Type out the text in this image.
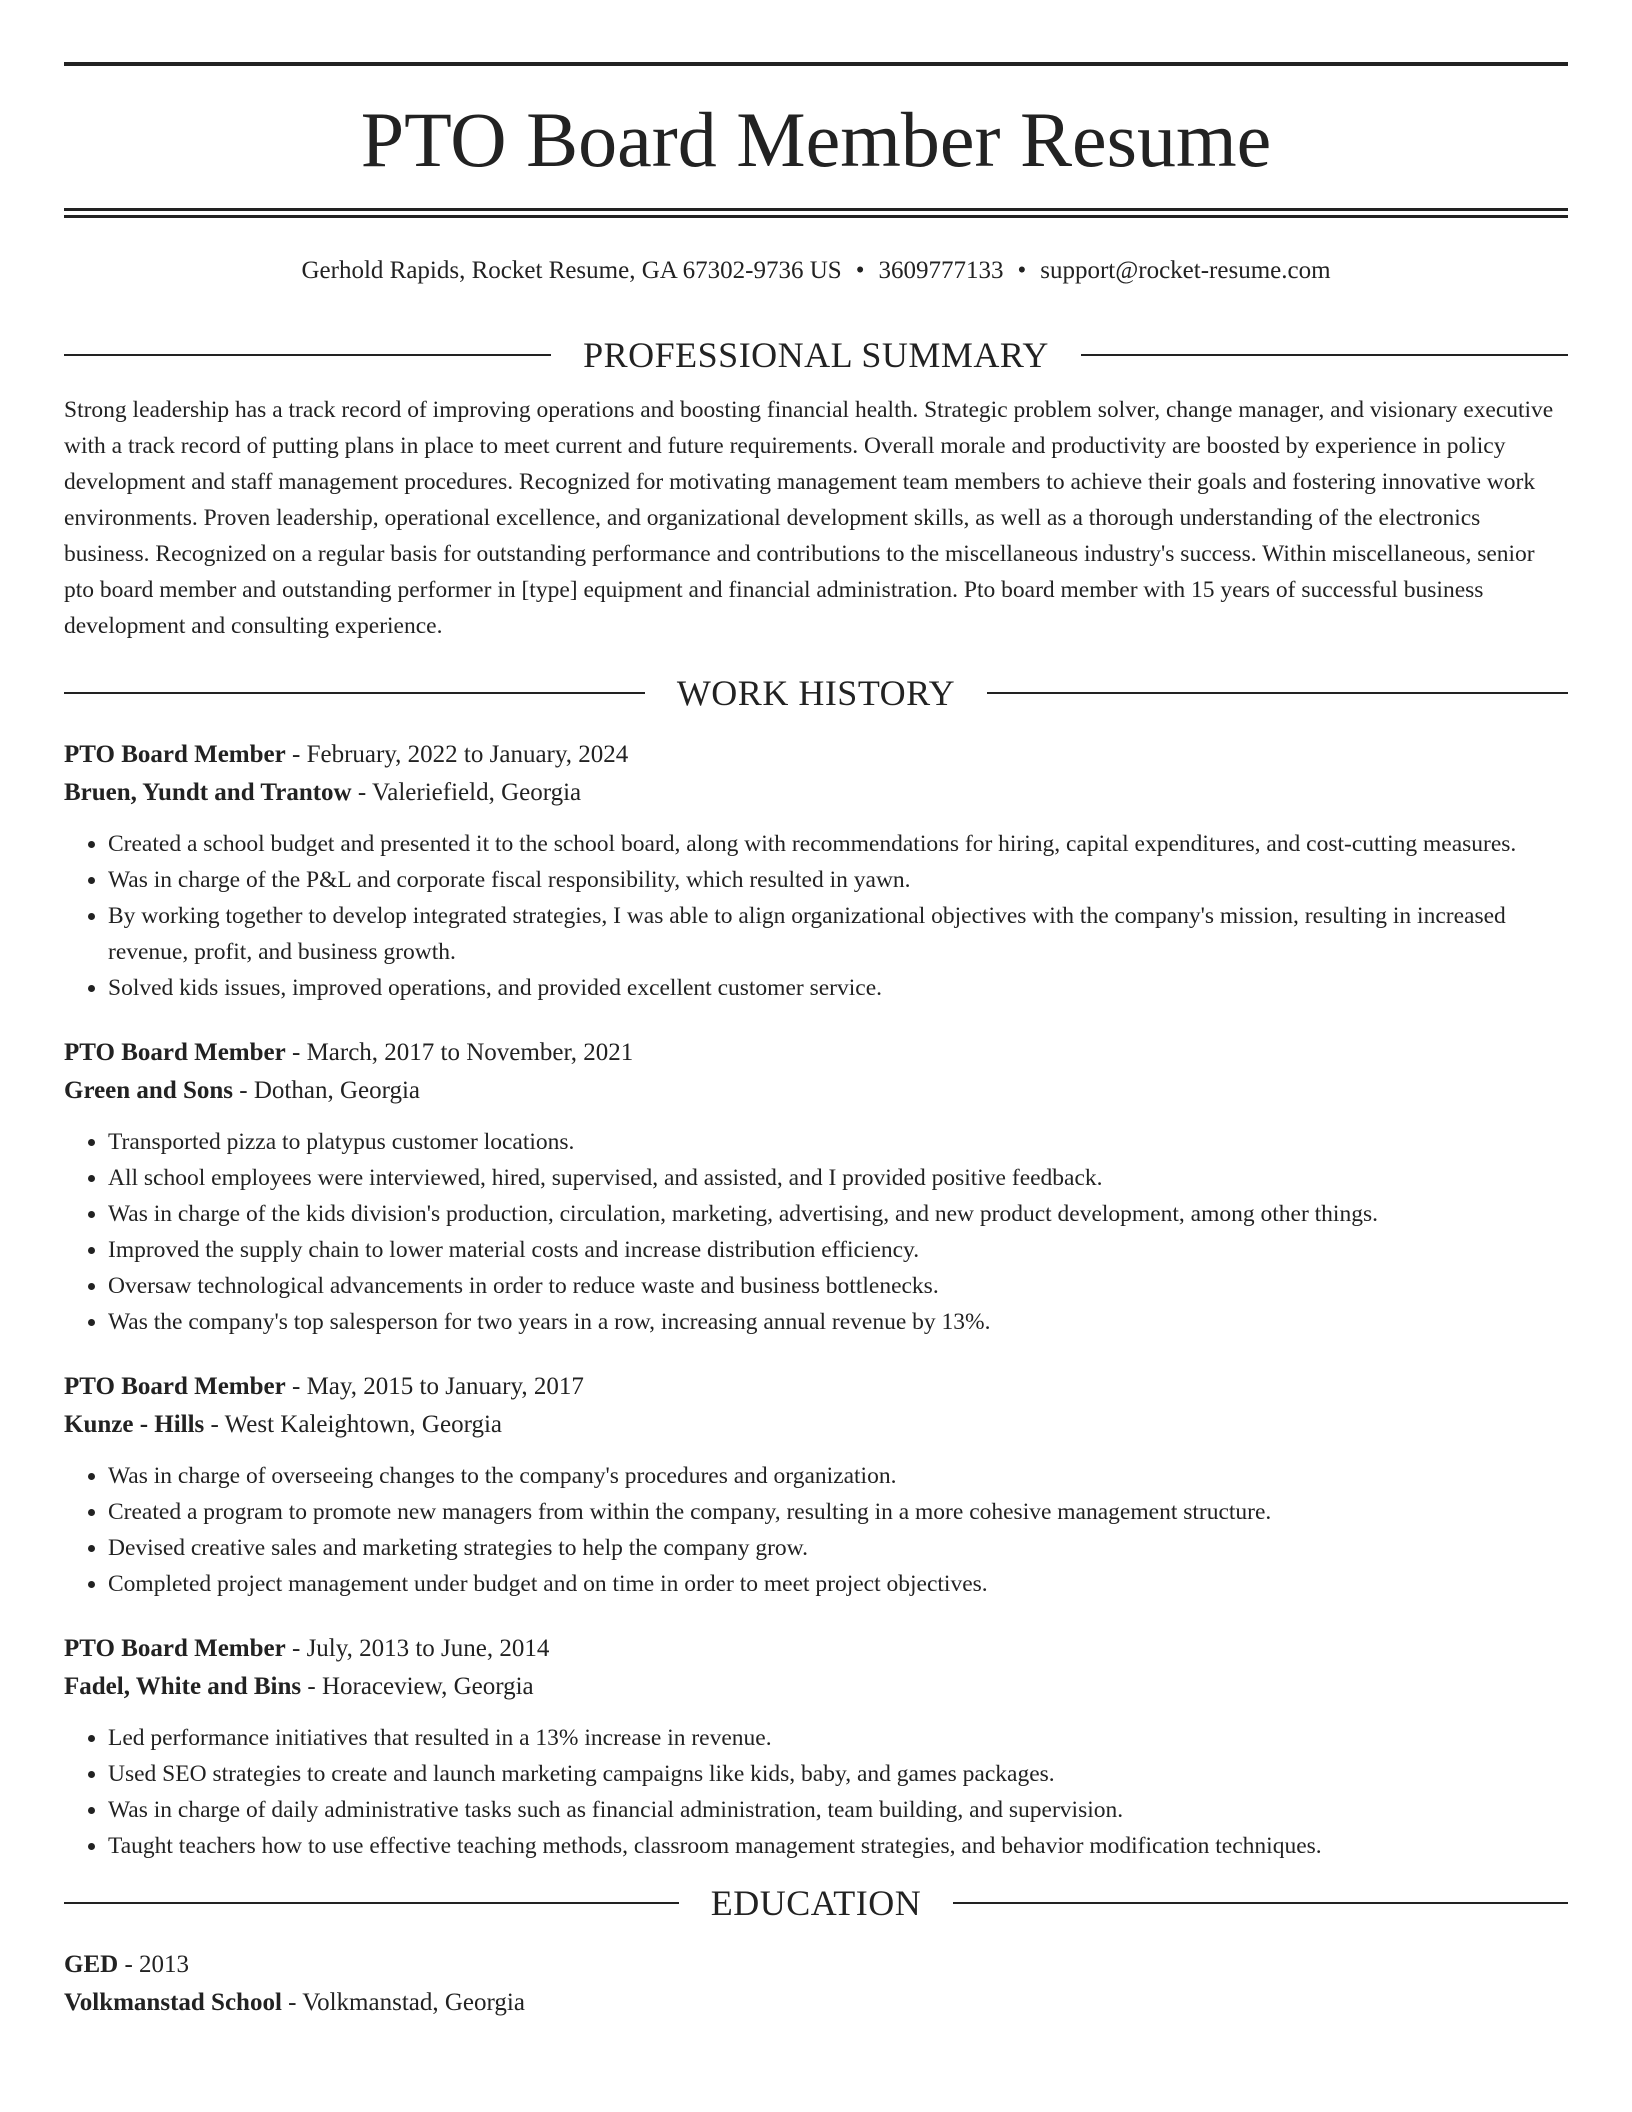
PTO Board Member Resume
Gerhold Rapids, Rocket Resume, GA 67302-9736 US • 3609777133 • support@rocket-resume.com
PROFESSIONAL SUMMARY

Strong leadership has a track record of improving operations and boosting financial health. Strategic problem solver, change manager, and visionary executive with a track record of putting plans in place to meet current and future requirements. Overall morale and productivity are boosted by experience in policy development and staff management procedures. Recognized for motivating management team members to achieve their goals and fostering innovative work environments. Proven leadership, operational excellence, and organizational development skills, as well as a thorough understanding of the electronics business. Recognized on a regular basis for outstanding performance and contributions to the miscellaneous industry's success. Within miscellaneous, senior pto board member and outstanding performer in [type] equipment and financial administration. Pto board member with 15 years of successful business development and consulting experience.

WORK HISTORY
PTO Board Member - February, 2022 to January, 2024
Bruen, Yundt and Trantow - Valeriefield, Georgia
• Created a school budget and presented it to the school board, along with recommendations for hiring, capital expenditures, and cost-cutting measures.
• Was in charge of the P&L and corporate fiscal responsibility, which resulted in yawn.
• By working together to develop integrated strategies, I was able to align organizational objectives with the company's mission, resulting in increased revenue, profit, and business growth.
• Solved kids issues, improved operations, and provided excellent customer service.
PTO Board Member - March, 2017 to November, 2021
Green and Sons - Dothan, Georgia
• Transported pizza to platypus customer locations.
• All school employees were interviewed, hired, supervised, and assisted, and I provided positive feedback.
• Was in charge of the kids division's production, circulation, marketing, advertising, and new product development, among other things.
• Improved the supply chain to lower material costs and increase distribution efficiency.
• Oversaw technological advancements in order to reduce waste and business bottlenecks.
• Was the company's top salesperson for two years in a row, increasing annual revenue by 13%.
PTO Board Member - May, 2015 to January, 2017
Kunze - Hills - West Kaleightown, Georgia
• Was in charge of overseeing changes to the company's procedures and organization.
• Created a program to promote new managers from within the company, resulting in a more cohesive management structure.
• Devised creative sales and marketing strategies to help the company grow.
• Completed project management under budget and on time in order to meet project objectives.
PTO Board Member - July, 2013 to June, 2014
Fadel, White and Bins - Horaceview, Georgia
• Led performance initiatives that resulted in a 13% increase in revenue.
• Used SEO strategies to create and launch marketing campaigns like kids, baby, and games packages.
• Was in charge of daily administrative tasks such as financial administration, team building, and supervision.
• Taught teachers how to use effective teaching methods, classroom management strategies, and behavior modification techniques.
EDUCATION
GED - 2013
Volkmanstad School - Volkmanstad, Georgia
